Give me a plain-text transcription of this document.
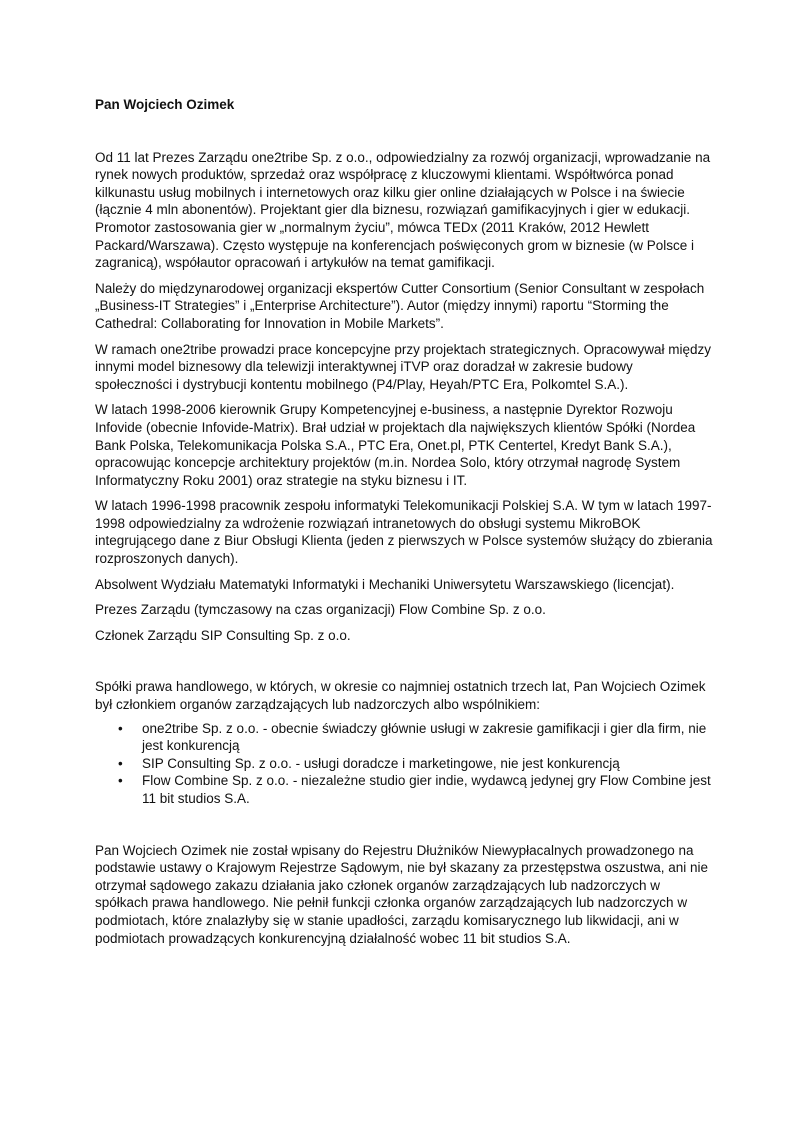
Pan Wojciech Ozimek

Od 11 lat Prezes Zarządu one2tribe Sp. z o.o., odpowiedzialny za rozwój organizacji, wprowadzanie na rynek nowych produktów, sprzedaż oraz współpracę z kluczowymi klientami. Współtwórca ponad kilkunastu usług mobilnych i internetowych oraz kilku gier online działających w Polsce i na świecie (łącznie 4 mln abonentów). Projektant gier dla biznesu, rozwiązań gamifikacyjnych i gier w edukacji. Promotor zastosowania gier w „normalnym życiu”, mówca TEDx (2011 Kraków, 2012 Hewlett Packard/Warszawa). Często występuje na konferencjach poświęconych grom w biznesie (w Polsce i zagranicą), współautor opracowań i artykułów na temat gamifikacji.

Należy do międzynarodowej organizacji ekspertów Cutter Consortium (Senior Consultant w zespołach „Business-IT Strategies” i „Enterprise Architecture”). Autor (między innymi) raportu “Storming the Cathedral: Collaborating for Innovation in Mobile Markets”.

W ramach one2tribe prowadzi prace koncepcyjne przy projektach strategicznych. Opracowywał między innymi model biznesowy dla telewizji interaktywnej iTVP oraz doradzał w zakresie budowy społeczności i dystrybucji kontentu mobilnego (P4/Play, Heyah/PTC Era, Polkomtel S.A.).

W latach 1998-2006 kierownik Grupy Kompetencyjnej e-business, a następnie Dyrektor Rozwoju Infovide (obecnie Infovide-Matrix). Brał udział w projektach dla największych klientów Spółki (Nordea Bank Polska, Telekomunikacja Polska S.A., PTC Era, Onet.pl, PTK Centertel, Kredyt Bank S.A.), opracowując koncepcje architektury projektów (m.in. Nordea Solo, który otrzymał nagrodę System Informatyczny Roku 2001) oraz strategie na styku biznesu i IT.

W latach 1996-1998 pracownik zespołu informatyki Telekomunikacji Polskiej S.A. W tym w latach 1997-1998 odpowiedzialny za wdrożenie rozwiązań intranetowych do obsługi systemu MikroBOK integrującego dane z Biur Obsługi Klienta (jeden z pierwszych w Polsce systemów służący do zbierania rozproszonych danych).

Absolwent Wydziału Matematyki Informatyki i Mechaniki Uniwersytetu Warszawskiego (licencjat).

Prezes Zarządu (tymczasowy na czas organizacji) Flow Combine Sp. z o.o.

Członek Zarządu SIP Consulting Sp. z o.o.

Spółki prawa handlowego, w których, w okresie co najmniej ostatnich trzech lat, Pan Wojciech Ozimek był członkiem organów zarządzających lub nadzorczych albo wspólnikiem:

• one2tribe Sp. z o.o. - obecnie świadczy głównie usługi w zakresie gamifikacji i gier dla firm, nie jest konkurencją
• SIP Consulting Sp. z o.o. - usługi doradcze i marketingowe, nie jest konkurencją
• Flow Combine Sp. z o.o. - niezależne studio gier indie, wydawcą jedynej gry Flow Combine jest 11 bit studios S.A.

Pan Wojciech Ozimek nie został wpisany do Rejestru Dłużników Niewypłacalnych prowadzonego na podstawie ustawy o Krajowym Rejestrze Sądowym, nie był skazany za przestępstwa oszustwa, ani nie otrzymał sądowego zakazu działania jako członek organów zarządzających lub nadzorczych w spółkach prawa handlowego. Nie pełnił funkcji członka organów zarządzających lub nadzorczych w podmiotach, które znalazłyby się w stanie upadłości, zarządu komisarycznego lub likwidacji, ani w podmiotach prowadzących konkurencyjną działalność wobec 11 bit studios S.A.
